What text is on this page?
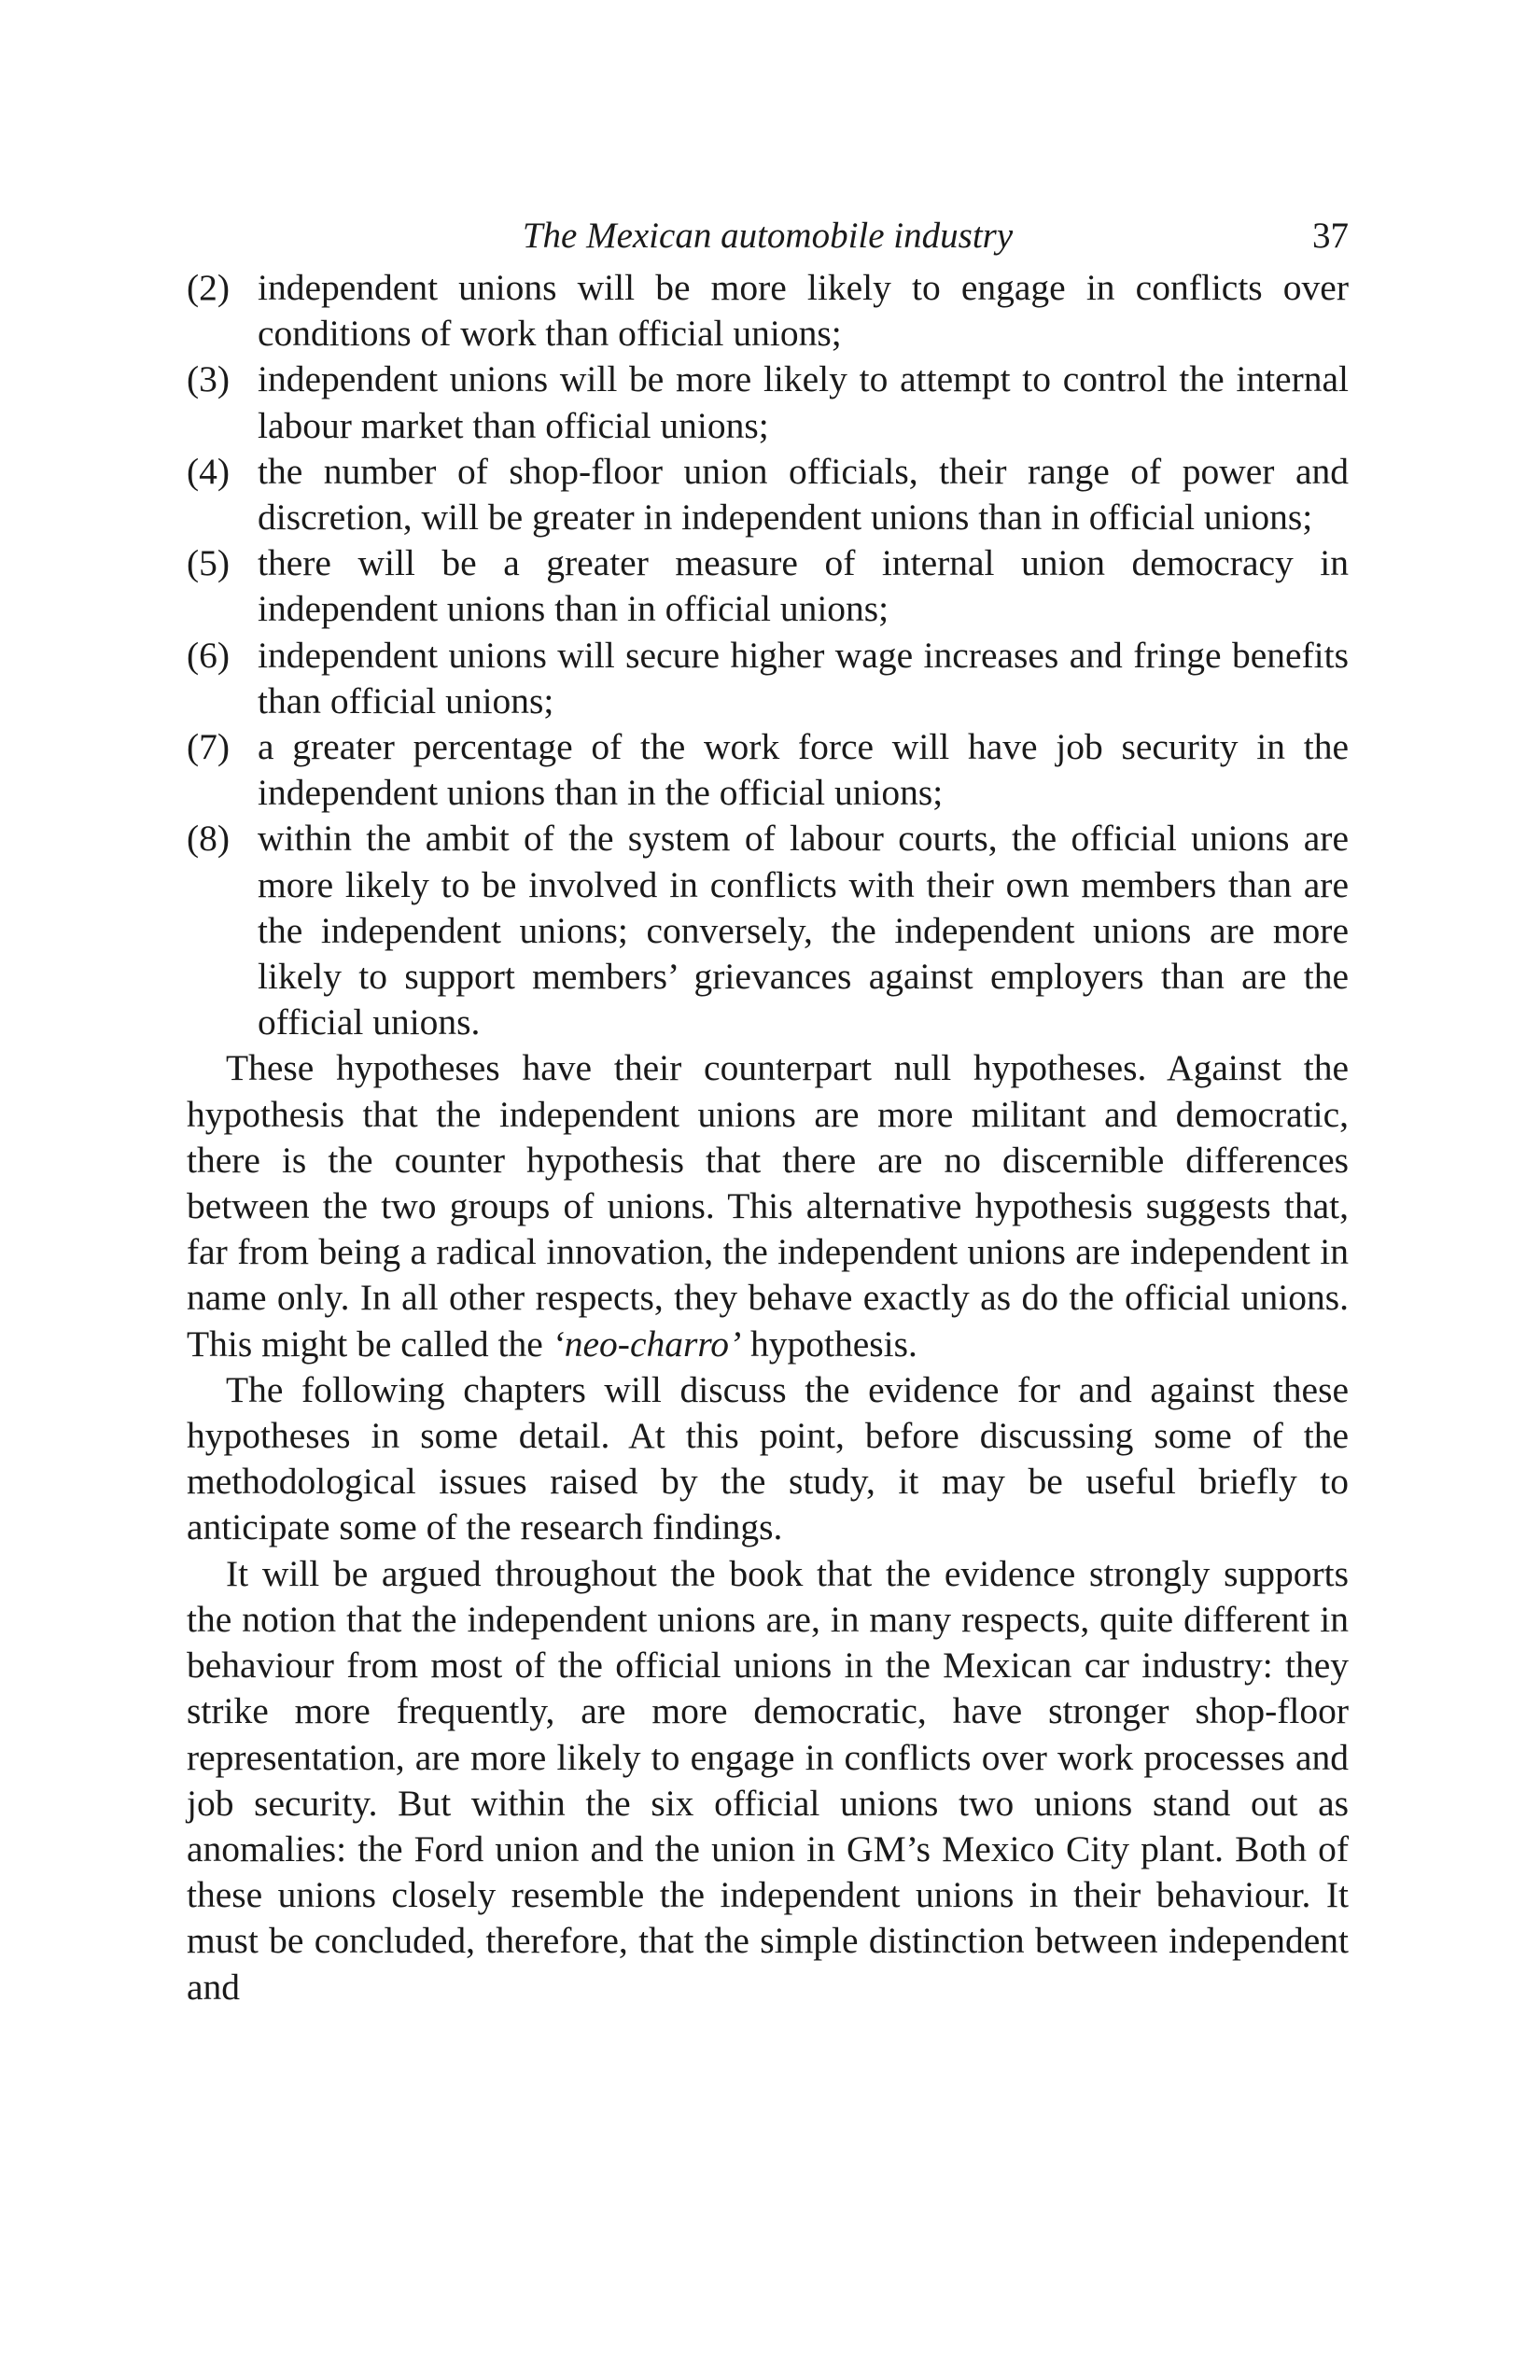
The Mexican automobile industry	37
(2) independent unions will be more likely to engage in conflicts over conditions of work than official unions;
(3) independent unions will be more likely to attempt to control the internal labour market than official unions;
(4) the number of shop-floor union officials, their range of power and discretion, will be greater in independent unions than in official unions;
(5) there will be a greater measure of internal union democracy in independent unions than in official unions;
(6) independent unions will secure higher wage increases and fringe benefits than official unions;
(7) a greater percentage of the work force will have job security in the independent unions than in the official unions;
(8) within the ambit of the system of labour courts, the official unions are more likely to be involved in conflicts with their own members than are the independent unions; conversely, the independent unions are more likely to support members’ grievances against employers than are the official unions.

These hypotheses have their counterpart null hypotheses. Against the hypothesis that the independent unions are more militant and democratic, there is the counter hypothesis that there are no discernible differences between the two groups of unions. This alternative hypothesis suggests that, far from being a radical innovation, the independent unions are independent in name only. In all other respects, they behave exactly as do the official unions. This might be called the ‘neo-charro’ hypothesis.

The following chapters will discuss the evidence for and against these hypotheses in some detail. At this point, before discussing some of the methodological issues raised by the study, it may be useful briefly to anticipate some of the research findings.

It will be argued throughout the book that the evidence strongly supports the notion that the independent unions are, in many respects, quite different in behaviour from most of the official unions in the Mexican car industry: they strike more frequently, are more democratic, have stronger shop-floor representation, are more likely to engage in conflicts over work processes and job security. But within the six official unions two unions stand out as anomalies: the Ford union and the union in GM’s Mexico City plant. Both of these unions closely resemble the independent unions in their behaviour. It must be concluded, therefore, that the simple distinction between independent and
